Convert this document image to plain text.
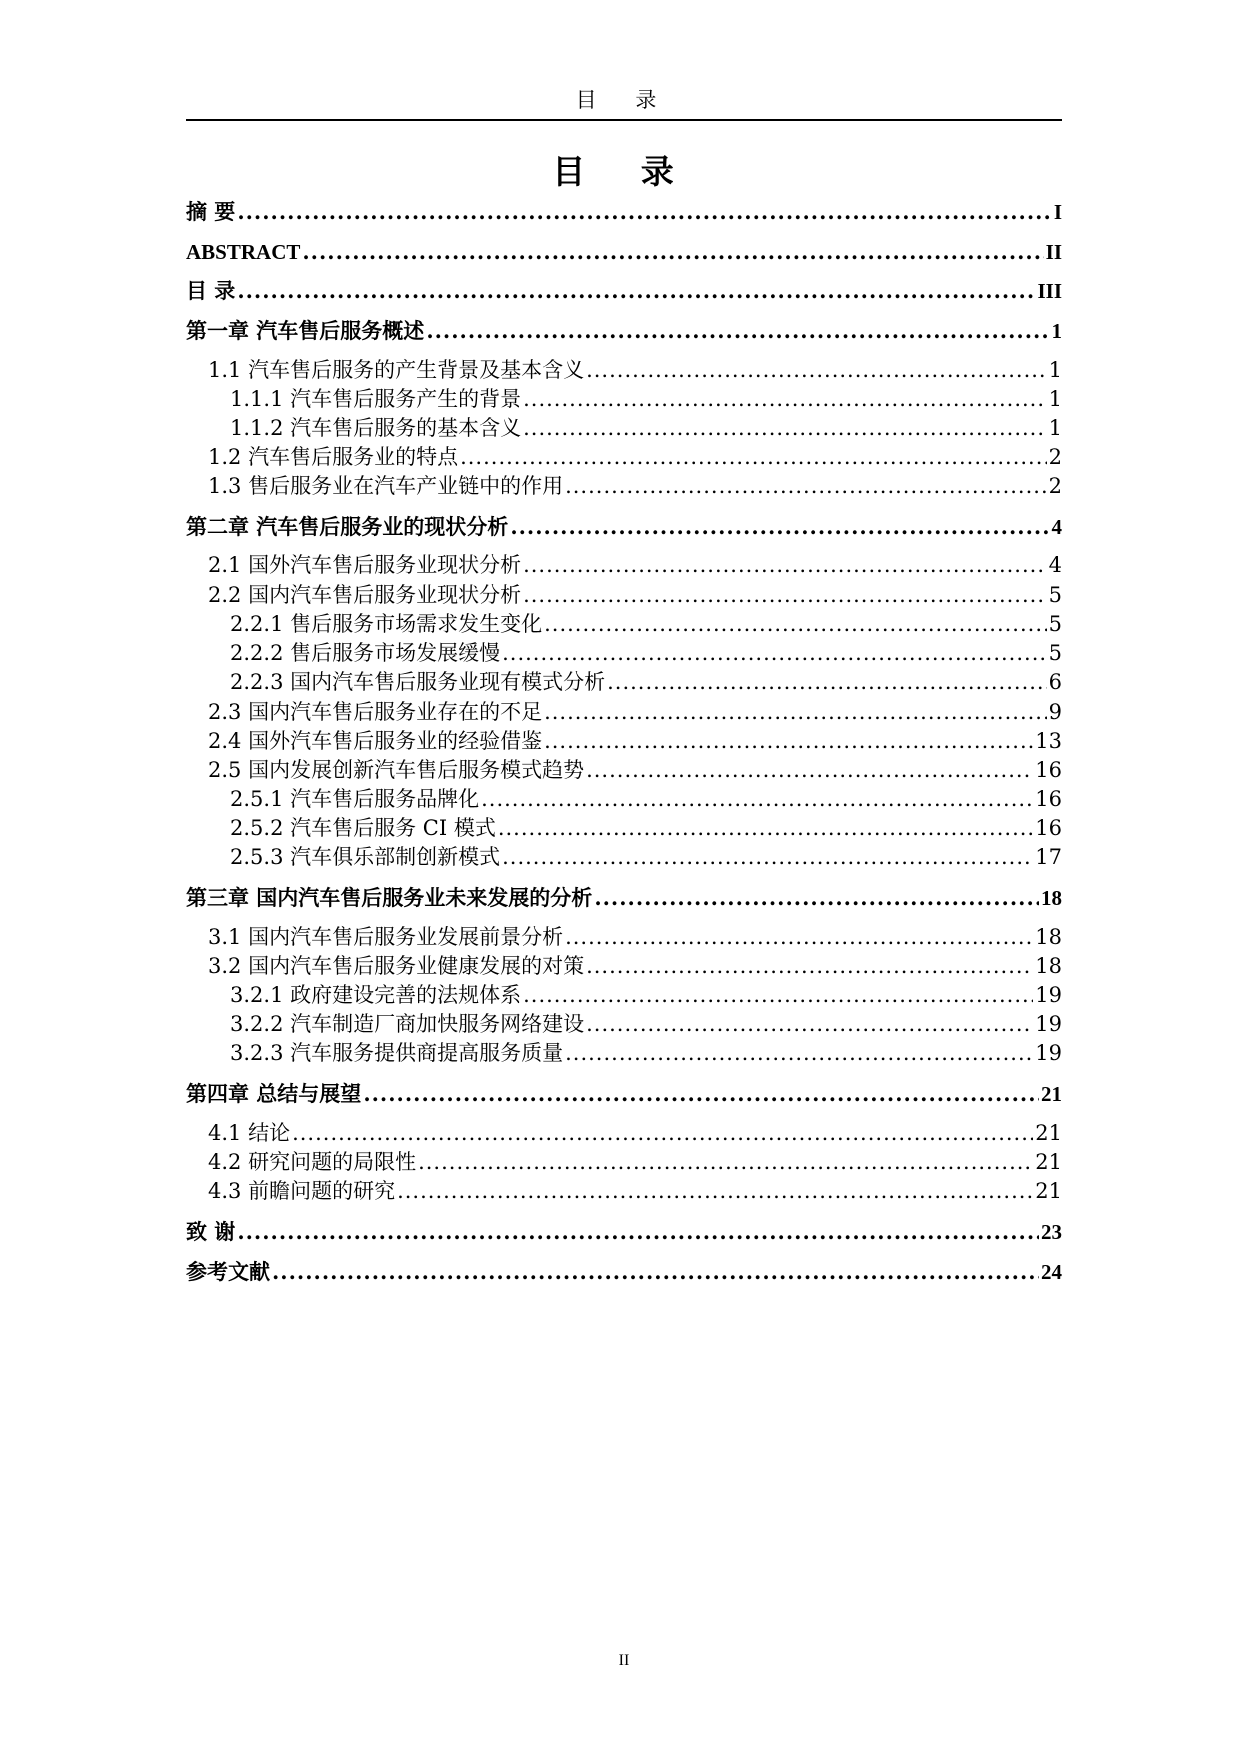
目 录
目 录
摘 要 .....	I
ABSTRACT .....	II
目 录 .....	III
第一章 汽车售后服务概述 .....	1
1.1 汽车售后服务的产生背景及基本含义 .....	1
1.1.1 汽车售后服务产生的背景 .....	1
1.1.2 汽车售后服务的基本含义 .....	1
1.2 汽车售后服务业的特点 .....	2
1.3 售后服务业在汽车产业链中的作用 .....	2
第二章 汽车售后服务业的现状分析 .....	4
2.1 国外汽车售后服务业现状分析 .....	4
2.2 国内汽车售后服务业现状分析 .....	5
2.2.1 售后服务市场需求发生变化 .....	5
2.2.2 售后服务市场发展缓慢 .....	5
2.2.3 国内汽车售后服务业现有模式分析 .....	6
2.3 国内汽车售后服务业存在的不足 .....	9
2.4 国外汽车售后服务业的经验借鉴 .....	13
2.5 国内发展创新汽车售后服务模式趋势 .....	16
2.5.1 汽车售后服务品牌化 .....	16
2.5.2 汽车售后服务 CI 模式 .....	16
2.5.3 汽车俱乐部制创新模式 .....	17
第三章 国内汽车售后服务业未来发展的分析 .....	18
3.1 国内汽车售后服务业发展前景分析 .....	18
3.2 国内汽车售后服务业健康发展的对策 .....	18
3.2.1 政府建设完善的法规体系 .....	19
3.2.2 汽车制造厂商加快服务网络建设 .....	19
3.2.3 汽车服务提供商提高服务质量 .....	19
第四章 总结与展望 .....	21
4.1 结论 .....	21
4.2 研究问题的局限性 .....	21
4.3 前瞻问题的研究 .....	21
致 谢 .....	23
参考文献 .....	24
II
